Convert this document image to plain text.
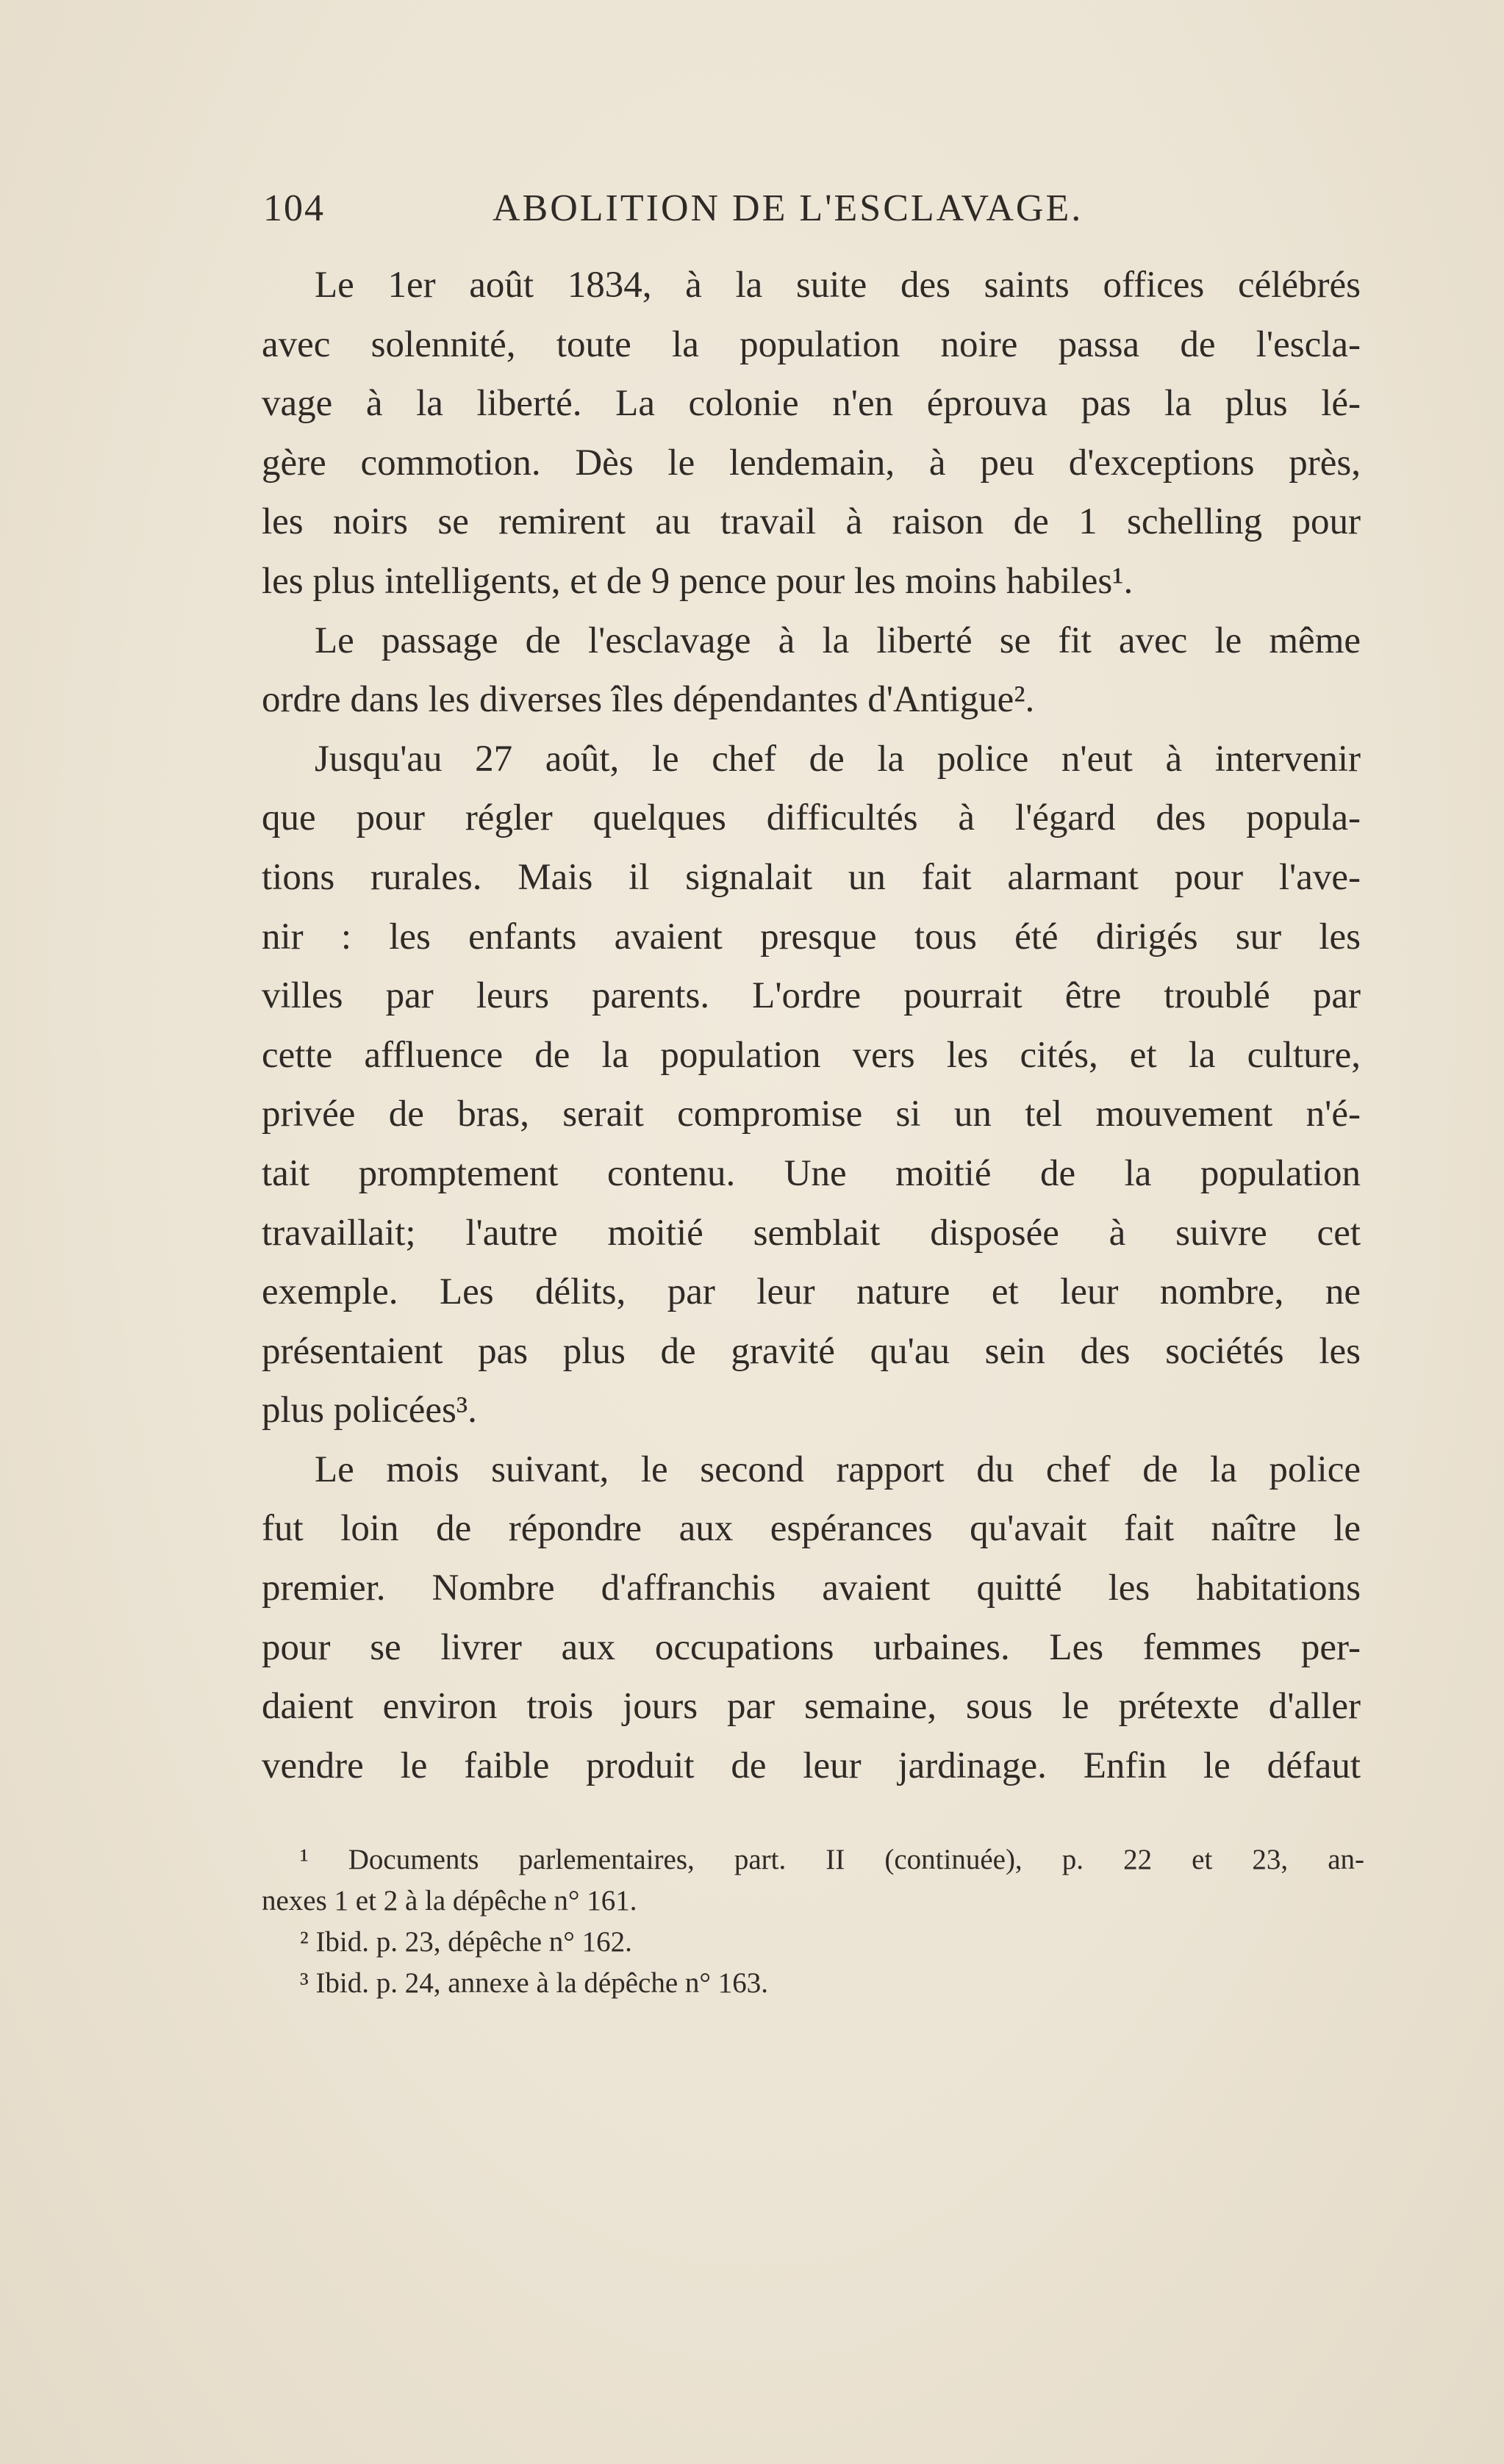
104	ABOLITION DE L'ESCLAVAGE.
Le 1er août 1834, à la suite des saints offices célébrés
avec solennité, toute la population noire passa de l'escla-
vage à la liberté. La colonie n'en éprouva pas la plus lé-
gère commotion. Dès le lendemain, à peu d'exceptions près,
les noirs se remirent au travail à raison de 1 schelling pour
les plus intelligents, et de 9 pence pour les moins habiles¹.
Le passage de l'esclavage à la liberté se fit avec le même
ordre dans les diverses îles dépendantes d'Antigue².
Jusqu'au 27 août, le chef de la police n'eut à intervenir
que pour régler quelques difficultés à l'égard des popula-
tions rurales. Mais il signalait un fait alarmant pour l'ave-
nir : les enfants avaient presque tous été dirigés sur les
villes par leurs parents. L'ordre pourrait être troublé par
cette affluence de la population vers les cités, et la culture,
privée de bras, serait compromise si un tel mouvement n'é-
tait promptement contenu. Une moitié de la population
travaillait; l'autre moitié semblait disposée à suivre cet
exemple. Les délits, par leur nature et leur nombre, ne
présentaient pas plus de gravité qu'au sein des sociétés les
plus policées³.
Le mois suivant, le second rapport du chef de la police
fut loin de répondre aux espérances qu'avait fait naître le
premier. Nombre d'affranchis avaient quitté les habitations
pour se livrer aux occupations urbaines. Les femmes per-
daient environ trois jours par semaine, sous le prétexte d'aller
vendre le faible produit de leur jardinage. Enfin le défaut
¹ Documents parlementaires, part. II (continuée), p. 22 et 23, an-
nexes 1 et 2 à la dépêche n° 161.
² Ibid. p. 23, dépêche n° 162.
³ Ibid. p. 24, annexe à la dépêche n° 163.
